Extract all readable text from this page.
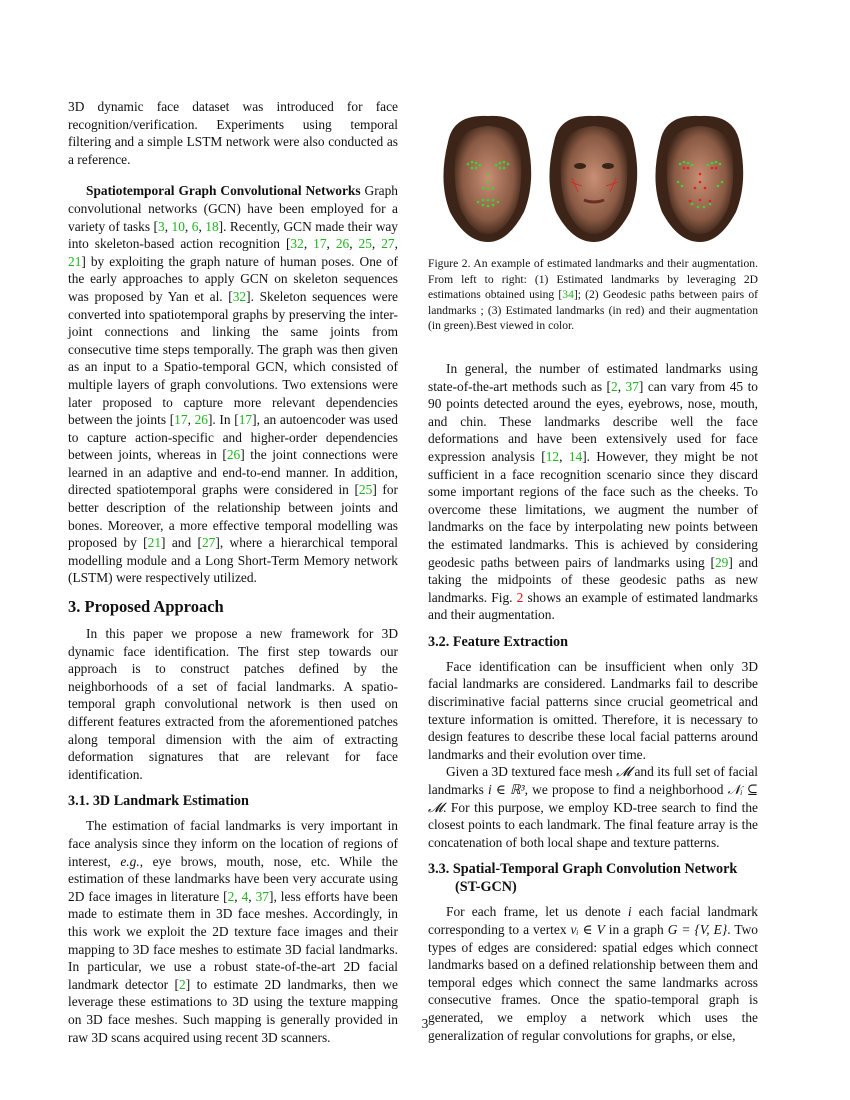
3D dynamic face dataset was introduced for face recognition/verification. Experiments using temporal filtering and a simple LSTM network were also conducted as a reference.

Spatiotemporal Graph Convolutional Networks Graph convolutional networks (GCN) have been employed for a variety of tasks [3, 10, 6, 18]. Recently, GCN made their way into skeleton-based action recognition [32, 17, 26, 25, 27, 21] by exploiting the graph nature of human poses. One of the early approaches to apply GCN on skeleton sequences was proposed by Yan et al. [32]. Skeleton sequences were converted into spatiotemporal graphs by preserving the inter-joint connections and linking the same joints from consecutive time steps temporally. The graph was then given as an input to a Spatio-temporal GCN, which consisted of multiple layers of graph convolutions. Two extensions were later proposed to capture more relevant dependencies between the joints [17, 26]. In [17], an autoencoder was used to capture action-specific and higher-order dependencies between joints, whereas in [26] the joint connections were learned in an adaptive and end-to-end manner. In addition, directed spatiotemporal graphs were considered in [25] for better description of the relationship between joints and bones. Moreover, a more effective temporal modelling was proposed by [21] and [27], where a hierarchical temporal modelling module and a Long Short-Term Memory network (LSTM) were respectively utilized.

3. Proposed Approach

In this paper we propose a new framework for 3D dynamic face identification. The first step towards our approach is to construct patches defined by the neighborhoods of a set of facial landmarks. A spatio-temporal graph convolutional network is then used on different features extracted from the aforementioned patches along temporal dimension with the aim of extracting deformation signatures that are relevant for face identification.

3.1. 3D Landmark Estimation

The estimation of facial landmarks is very important in face analysis since they inform on the location of regions of interest, e.g., eye brows, mouth, nose, etc. While the estimation of these landmarks have been very accurate using 2D face images in literature [2, 4, 37], less efforts have been made to estimate them in 3D face meshes. Accordingly, in this work we exploit the 2D texture face images and their mapping to 3D face meshes to estimate 3D facial landmarks. In particular, we use a robust state-of-the-art 2D facial landmark detector [2] to estimate 2D landmarks, then we leverage these estimations to 3D using the texture mapping on 3D face meshes. Such mapping is generally provided in raw 3D scans acquired using recent 3D scanners.

Figure 2. An example of estimated landmarks and their augmentation. From left to right: (1) Estimated landmarks by leveraging 2D estimations obtained using [34]; (2) Geodesic paths between pairs of landmarks ; (3) Estimated landmarks (in red) and their augmentation (in green).Best viewed in color.

In general, the number of estimated landmarks using state-of-the-art methods such as [2, 37] can vary from 45 to 90 points detected around the eyes, eyebrows, nose, mouth, and chin. These landmarks describe well the face deformations and have been extensively used for face expression analysis [12, 14]. However, they might be not sufficient in a face recognition scenario since they discard some important regions of the face such as the cheeks. To overcome these limitations, we augment the number of landmarks on the face by interpolating new points between the estimated landmarks. This is achieved by considering geodesic paths between pairs of landmarks using [29] and taking the midpoints of these geodesic paths as new landmarks. Fig. 2 shows an example of estimated landmarks and their augmentation.

3.2. Feature Extraction

Face identification can be insufficient when only 3D facial landmarks are considered. Landmarks fail to describe discriminative facial patterns since crucial geometrical and texture information is omitted. Therefore, it is necessary to design features to describe these local facial patterns around landmarks and their evolution over time.

Given a 3D textured face mesh 𝓜 and its full set of facial landmarks i ∈ ℝ³, we propose to find a neighborhood 𝒩ᵢ ⊆ 𝓜. For this purpose, we employ KD-tree search to find the closest points to each landmark. The final feature array is the concatenation of both local shape and texture patterns.

3.3. Spatial-Temporal Graph Convolution Network (ST-GCN)

For each frame, let us denote i each facial landmark corresponding to a vertex vᵢ ∈ V in a graph G = {V, E}. Two types of edges are considered: spatial edges which connect landmarks based on a defined relationship between them and temporal edges which connect the same landmarks across consecutive frames. Once the spatio-temporal graph is generated, we employ a network which uses the generalization of regular convolutions for graphs, or else,

3
